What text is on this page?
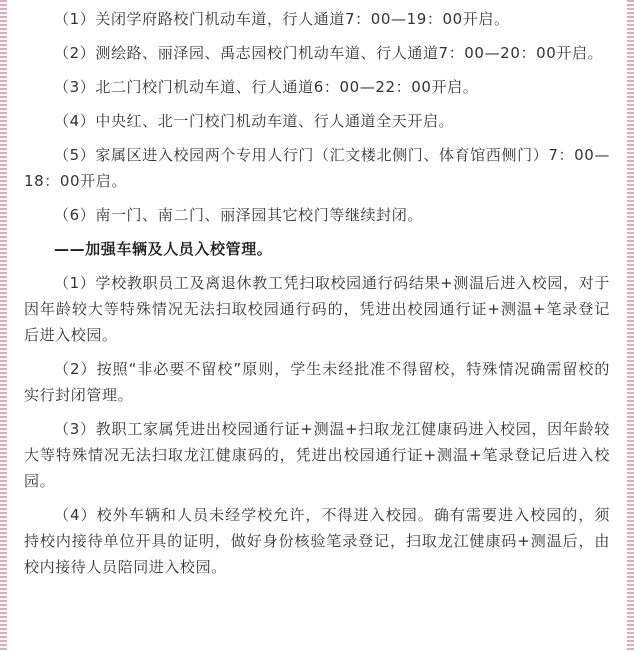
（1）关闭学府路校门机动车道，行人通道7：00—19：00开启。

（2）测绘路、丽泽园、禹志园校门机动车道、行人通道7：00—20：00开启。

（3）北二门校门机动车道、行人通道6：00—22：00开启。

（4）中央红、北一门校门机动车道、行人通道全天开启。

（5）家属区进入校园两个专用人行门（汇文楼北侧门、体育馆西侧门）7：00—18：00开启。

（6）南一门、南二门、丽泽园其它校门等继续封闭。

——加强车辆及人员入校管理。

（1）学校教职员工及离退休教工凭扫取校园通行码结果+测温后进入校园，对于因年龄较大等特殊情况无法扫取校园通行码的，凭进出校园通行证+测温+笔录登记后进入校园。

（2）按照“非必要不留校”原则，学生未经批准不得留校，特殊情况确需留校的实行封闭管理。

（3）教职工家属凭进出校园通行证+测温+扫取龙江健康码进入校园，因年龄较大等特殊情况无法扫取龙江健康码的，凭进出校园通行证+测温+笔录登记后进入校园。

（4）校外车辆和人员未经学校允许，不得进入校园。确有需要进入校园的，须持校内接待单位开具的证明，做好身份核验笔录登记，扫取龙江健康码+测温后，由校内接待人员陪同进入校园。
